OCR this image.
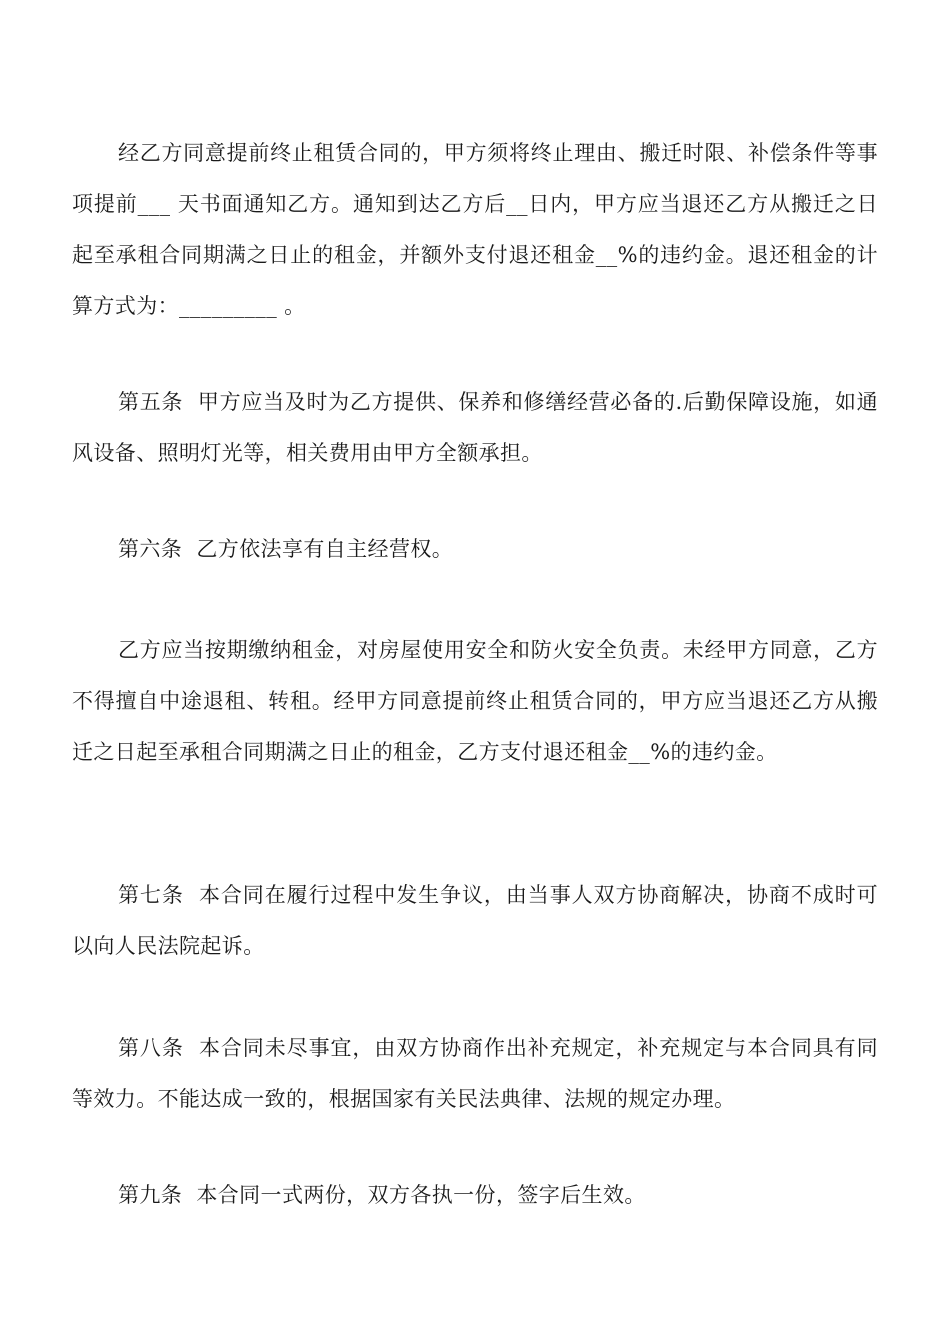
经乙方同意提前终止租赁合同的，甲方须将终止理由、搬迁时限、补偿条件等事项提前___ 天书面通知乙方。通知到达乙方后__日内，甲方应当退还乙方从搬迁之日起至承租合同期满之日止的租金，并额外支付退还租金__%的违约金。退还租金的计算方式为：_________ 。

第五条  甲方应当及时为乙方提供、保养和修缮经营必备的.后勤保障设施，如通风设备、照明灯光等，相关费用由甲方全额承担。

第六条  乙方依法享有自主经营权。

乙方应当按期缴纳租金，对房屋使用安全和防火安全负责。未经甲方同意，乙方不得擅自中途退租、转租。经甲方同意提前终止租赁合同的，甲方应当退还乙方从搬迁之日起至承租合同期满之日止的租金，乙方支付退还租金__%的违约金。

第七条  本合同在履行过程中发生争议，由当事人双方协商解决，协商不成时可以向人民法院起诉。

第八条  本合同未尽事宜，由双方协商作出补充规定，补充规定与本合同具有同等效力。不能达成一致的，根据国家有关民法典律、法规的规定办理。

第九条  本合同一式两份，双方各执一份，签字后生效。
